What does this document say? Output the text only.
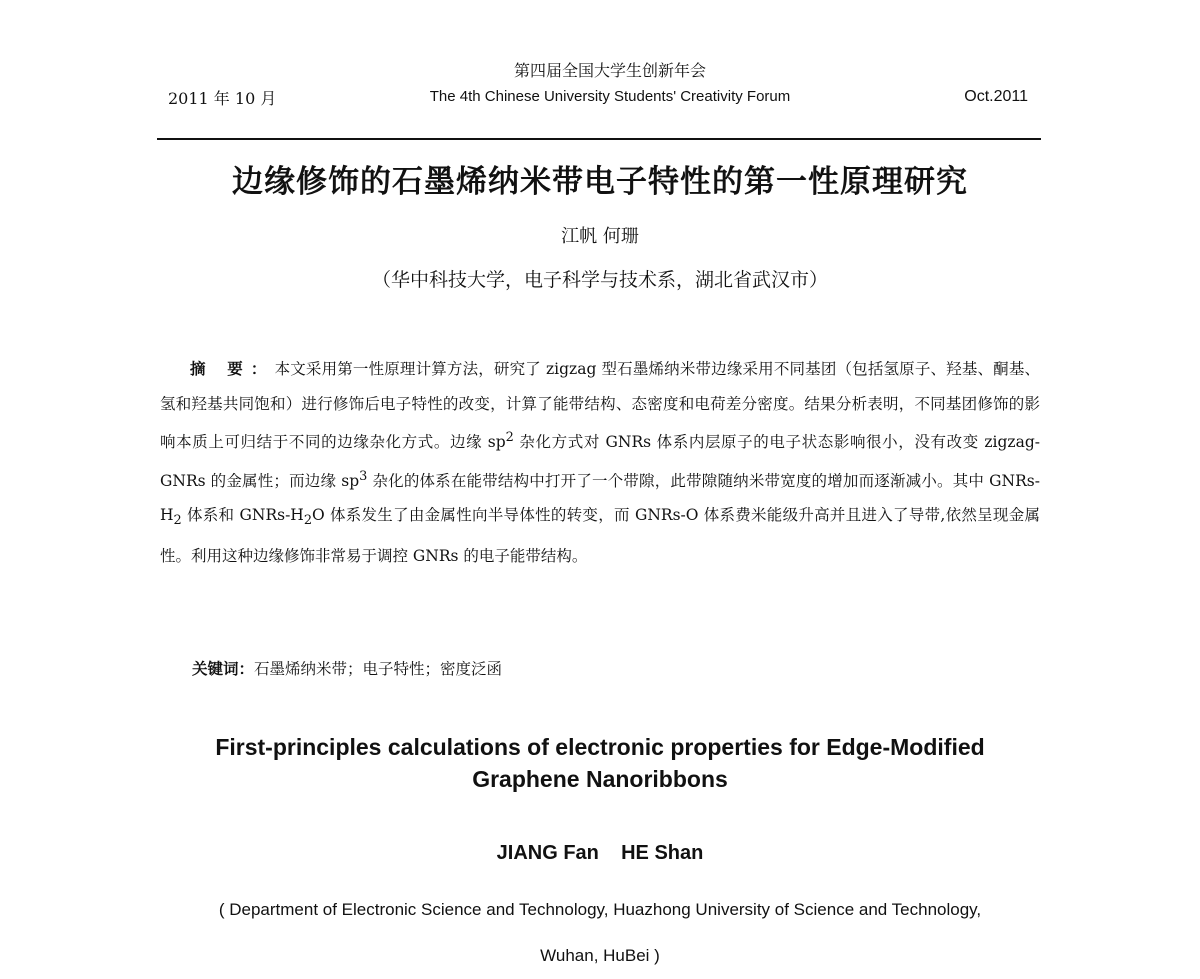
2011 年 10 月
第四届全国大学生创新年会
The 4th Chinese University Students' Creativity Forum	Oct.2011
边缘修饰的石墨烯纳米带电子特性的第一性原理研究
江帆 何珊
（华中科技大学，电子科学与技术系，湖北省武汉市）
摘 要：本文采用第一性原理计算方法，研究了 zigzag 型石墨烯纳米带边缘采用不同基团（包括氢原子、羟基、酮基、氢和羟基共同饱和）进行修饰后电子特性的改变，计算了能带结构、态密度和电荷差分密度。结果分析表明，不同基团修饰的影响本质上可归结于不同的边缘杂化方式。边缘 $sp^2$ 杂化方式对 GNRs 体系内层原子的电子状态影响很小，没有改变 zigzag-GNRs 的金属性；而边缘 $sp^3$ 杂化的体系在能带结构中打开了一个带隙，此带隙随纳米带宽度的增加而逐渐减小。其中 GNRs-$H_2$ 体系和 GNRs-$H_2O$ 体系发生了由金属性向半导体性的转变，而 GNRs-O 体系费米能级升高并且进入了导带,依然呈现金属性。利用这种边缘修饰非常易于调控 GNRs 的电子能带结构。
关键词：石墨烯纳米带；电子特性；密度泛函
First-principles calculations of electronic properties for Edge-Modified
Graphene Nanoribbons
JIANG Fan    HE Shan
( Department of Electronic Science and Technology, Huazhong University of Science and Technology,
Wuhan, HuBei )
